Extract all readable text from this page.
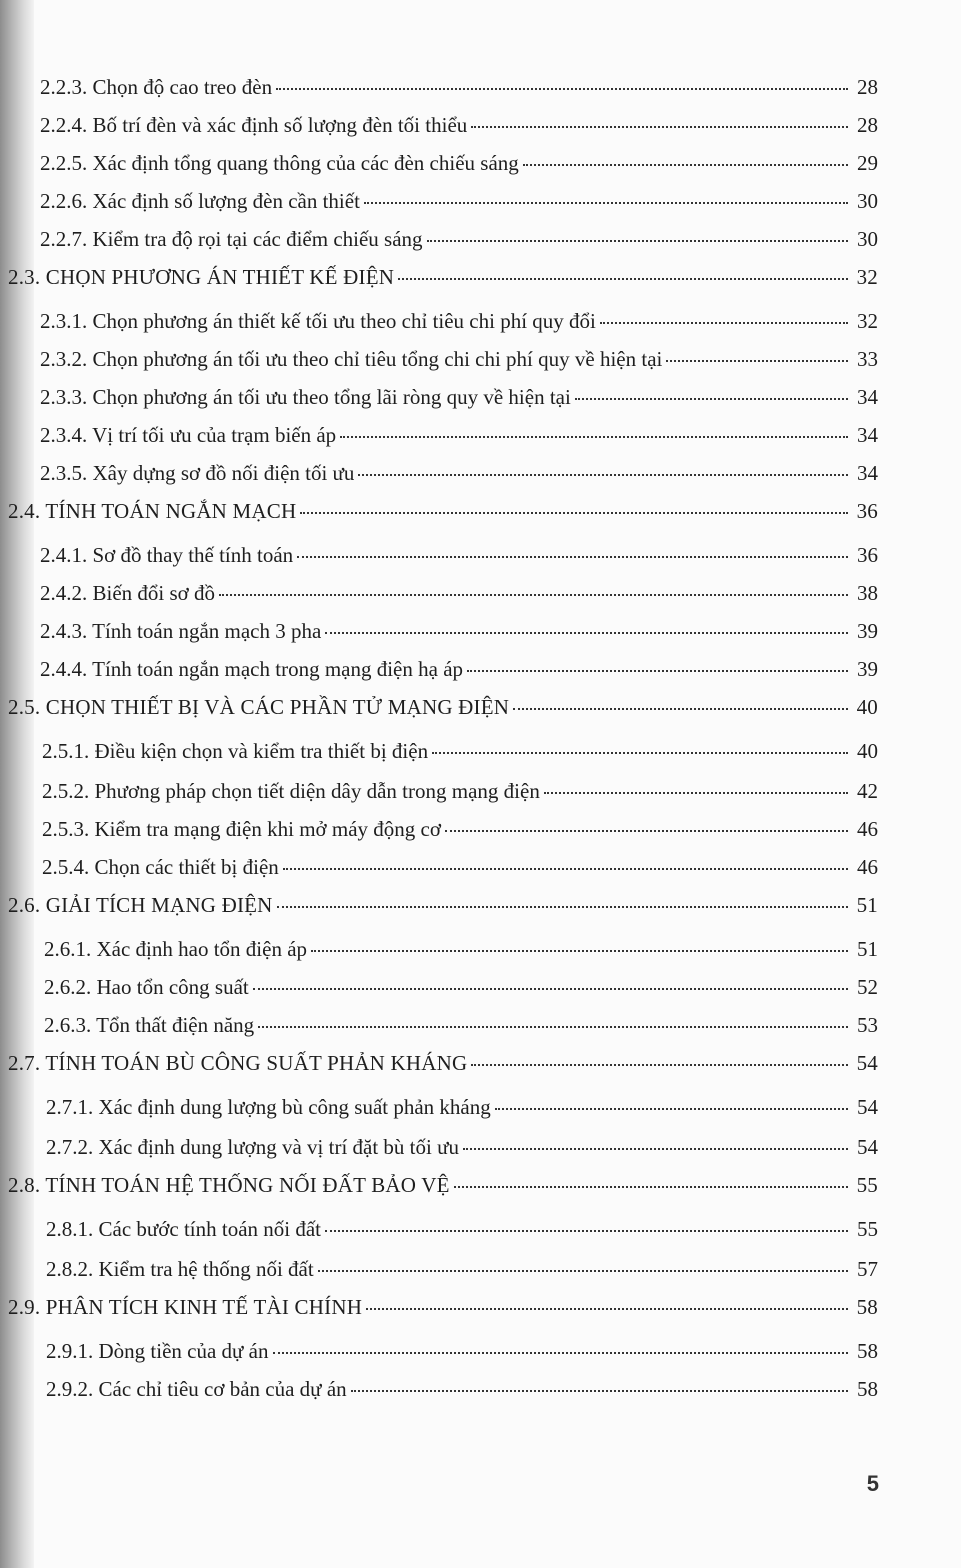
2.2.3. Chọn độ cao treo đèn	28
2.2.4. Bố trí đèn và xác định số lượng đèn tối thiểu	28
2.2.5. Xác định tổng quang thông của các đèn chiếu sáng	29
2.2.6. Xác định số lượng đèn cần thiết	30
2.2.7. Kiểm tra độ rọi tại các điểm chiếu sáng	30
2.3. CHỌN PHƯƠNG ÁN THIẾT KẾ ĐIỆN	32
2.3.1. Chọn phương án thiết kế tối ưu theo chỉ tiêu chi phí quy đổi	32
2.3.2. Chọn phương án tối ưu theo chỉ tiêu tổng chi chi phí quy về hiện tại	33
2.3.3. Chọn phương án tối ưu theo tổng lãi ròng quy về hiện tại	34
2.3.4. Vị trí tối ưu của trạm biến áp	34
2.3.5. Xây dựng sơ đồ nối điện tối ưu	34
2.4. TÍNH TOÁN NGẮN MẠCH	36
2.4.1. Sơ đồ thay thế tính toán	36
2.4.2. Biến đổi sơ đồ	38
2.4.3. Tính toán ngắn mạch 3 pha	39
2.4.4. Tính toán ngắn mạch trong mạng điện hạ áp	39
2.5. CHỌN THIẾT BỊ VÀ CÁC PHẦN TỬ MẠNG ĐIỆN	40
2.5.1. Điều kiện chọn và kiểm tra thiết bị điện	40
2.5.2. Phương pháp chọn tiết diện dây dẫn trong mạng điện	42
2.5.3. Kiểm tra mạng điện khi mở máy động cơ	46
2.5.4. Chọn các thiết bị điện	46
2.6. GIẢI TÍCH MẠNG ĐIỆN	51
2.6.1. Xác định hao tổn điện áp	51
2.6.2. Hao tổn công suất	52
2.6.3. Tổn thất điện năng	53
2.7. TÍNH TOÁN BÙ CÔNG SUẤT PHẢN KHÁNG	54
2.7.1. Xác định dung lượng bù công suất phản kháng	54
2.7.2. Xác định dung lượng và vị trí đặt bù tối ưu	54
2.8. TÍNH TOÁN HỆ THỐNG NỐI ĐẤT BẢO VỆ	55
2.8.1. Các bước tính toán nối đất	55
2.8.2. Kiểm tra hệ thống nối đất	57
2.9. PHÂN TÍCH KINH TẾ TÀI CHÍNH	58
2.9.1. Dòng tiền của dự án	58
2.9.2. Các chỉ tiêu cơ bản của dự án	58
5
